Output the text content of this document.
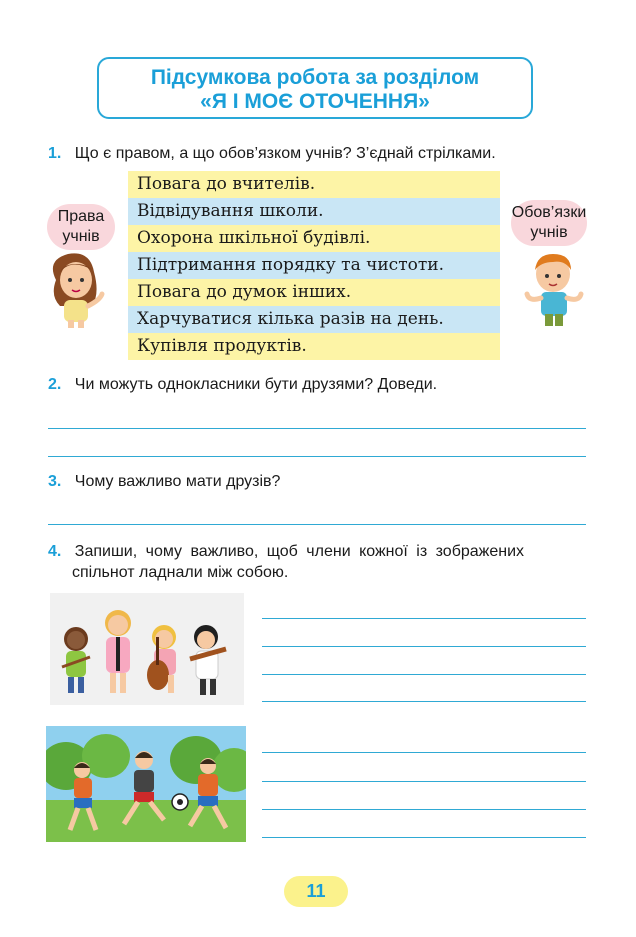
Підсумкова робота за розділом
«Я І МОЄ ОТОЧЕННЯ»
1. Що є правом, а що обов’язком учнів? З’єднай стрілками.
Права
учнів
Обов’язки
учнів
Повага до вчителів.
Відвідування школи.
Охорона шкільної будівлі.
Підтримання порядку та чистоти.
Повага до думок інших.
Харчуватися кілька разів на день.
Купівля продуктів.
2. Чи можуть однокласники бути друзями? Доведи.
3. Чому важливо мати друзів?
4. Запиши, чому важливо, щоб члени кожної із зображених
спільнот ладнали між собою.
11
